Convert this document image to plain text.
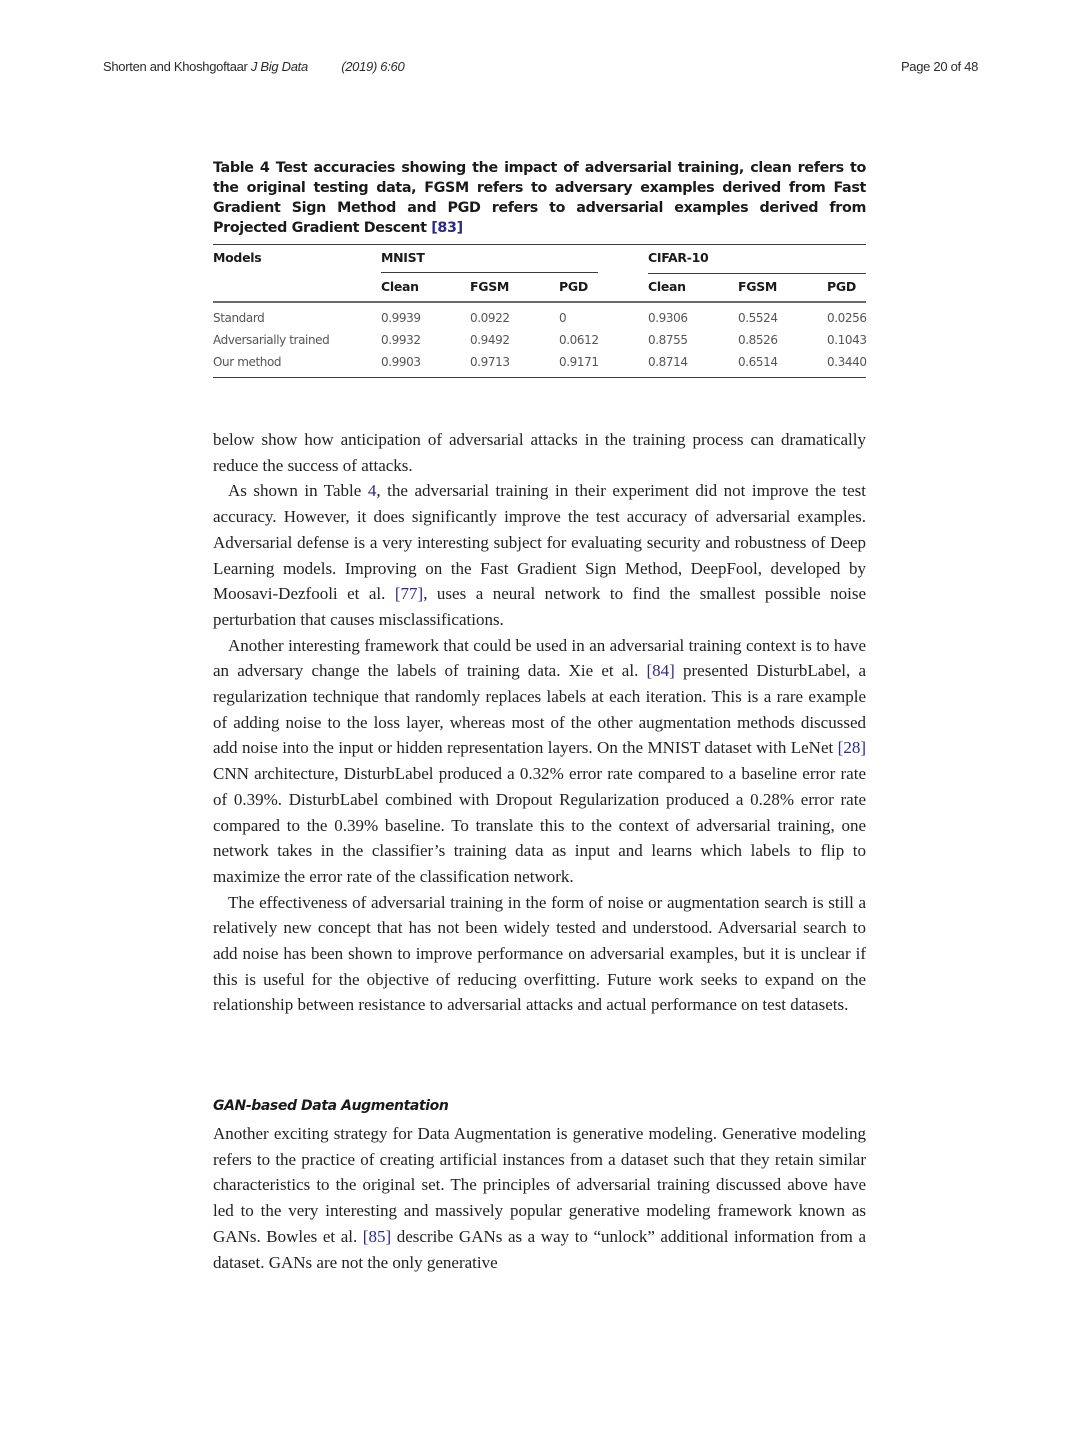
Shorten and Khoshgoftaar J Big Data	(2019) 6:60	Page 20 of 48
Table 4 Test accuracies showing the impact of adversarial training, clean refers to the original testing data, FGSM refers to adversary examples derived from Fast Gradient Sign Method and PGD refers to adversarial examples derived from Projected Gradient Descent [83]
Models	MNIST	CIFAR-10
Clean	FGSM	PGD	Clean	FGSM	PGD
Standard	0.9939	0.0922	0	0.9306	0.5524	0.0256
Adversarially trained	0.9932	0.9492	0.0612	0.8755	0.8526	0.1043
Our method	0.9903	0.9713	0.9171	0.8714	0.6514	0.3440

below show how anticipation of adversarial attacks in the training process can dramatically reduce the success of attacks.

As shown in Table 4, the adversarial training in their experiment did not improve the test accuracy. However, it does significantly improve the test accuracy of adversarial examples. Adversarial defense is a very interesting subject for evaluating security and robustness of Deep Learning models. Improving on the Fast Gradient Sign Method, DeepFool, developed by Moosavi-Dezfooli et al. [77], uses a neural network to find the smallest possible noise perturbation that causes misclassifications.

Another interesting framework that could be used in an adversarial training context is to have an adversary change the labels of training data. Xie et al. [84] presented DisturbLabel, a regularization technique that randomly replaces labels at each iteration. This is a rare example of adding noise to the loss layer, whereas most of the other augmentation methods discussed add noise into the input or hidden representation layers. On the MNIST dataset with LeNet [28] CNN architecture, DisturbLabel produced a 0.32% error rate compared to a baseline error rate of 0.39%. DisturbLabel combined with Dropout Regularization produced a 0.28% error rate compared to the 0.39% baseline. To translate this to the context of adversarial training, one network takes in the classifier’s training data as input and learns which labels to flip to maximize the error rate of the classification network.

The effectiveness of adversarial training in the form of noise or augmentation search is still a relatively new concept that has not been widely tested and understood. Adversarial search to add noise has been shown to improve performance on adversarial examples, but it is unclear if this is useful for the objective of reducing overfitting. Future work seeks to expand on the relationship between resistance to adversarial attacks and actual performance on test datasets.

GAN-based Data Augmentation

Another exciting strategy for Data Augmentation is generative modeling. Generative modeling refers to the practice of creating artificial instances from a dataset such that they retain similar characteristics to the original set. The principles of adversarial training discussed above have led to the very interesting and massively popular generative modeling framework known as GANs. Bowles et al. [85] describe GANs as a way to “unlock” additional information from a dataset. GANs are not the only generative
